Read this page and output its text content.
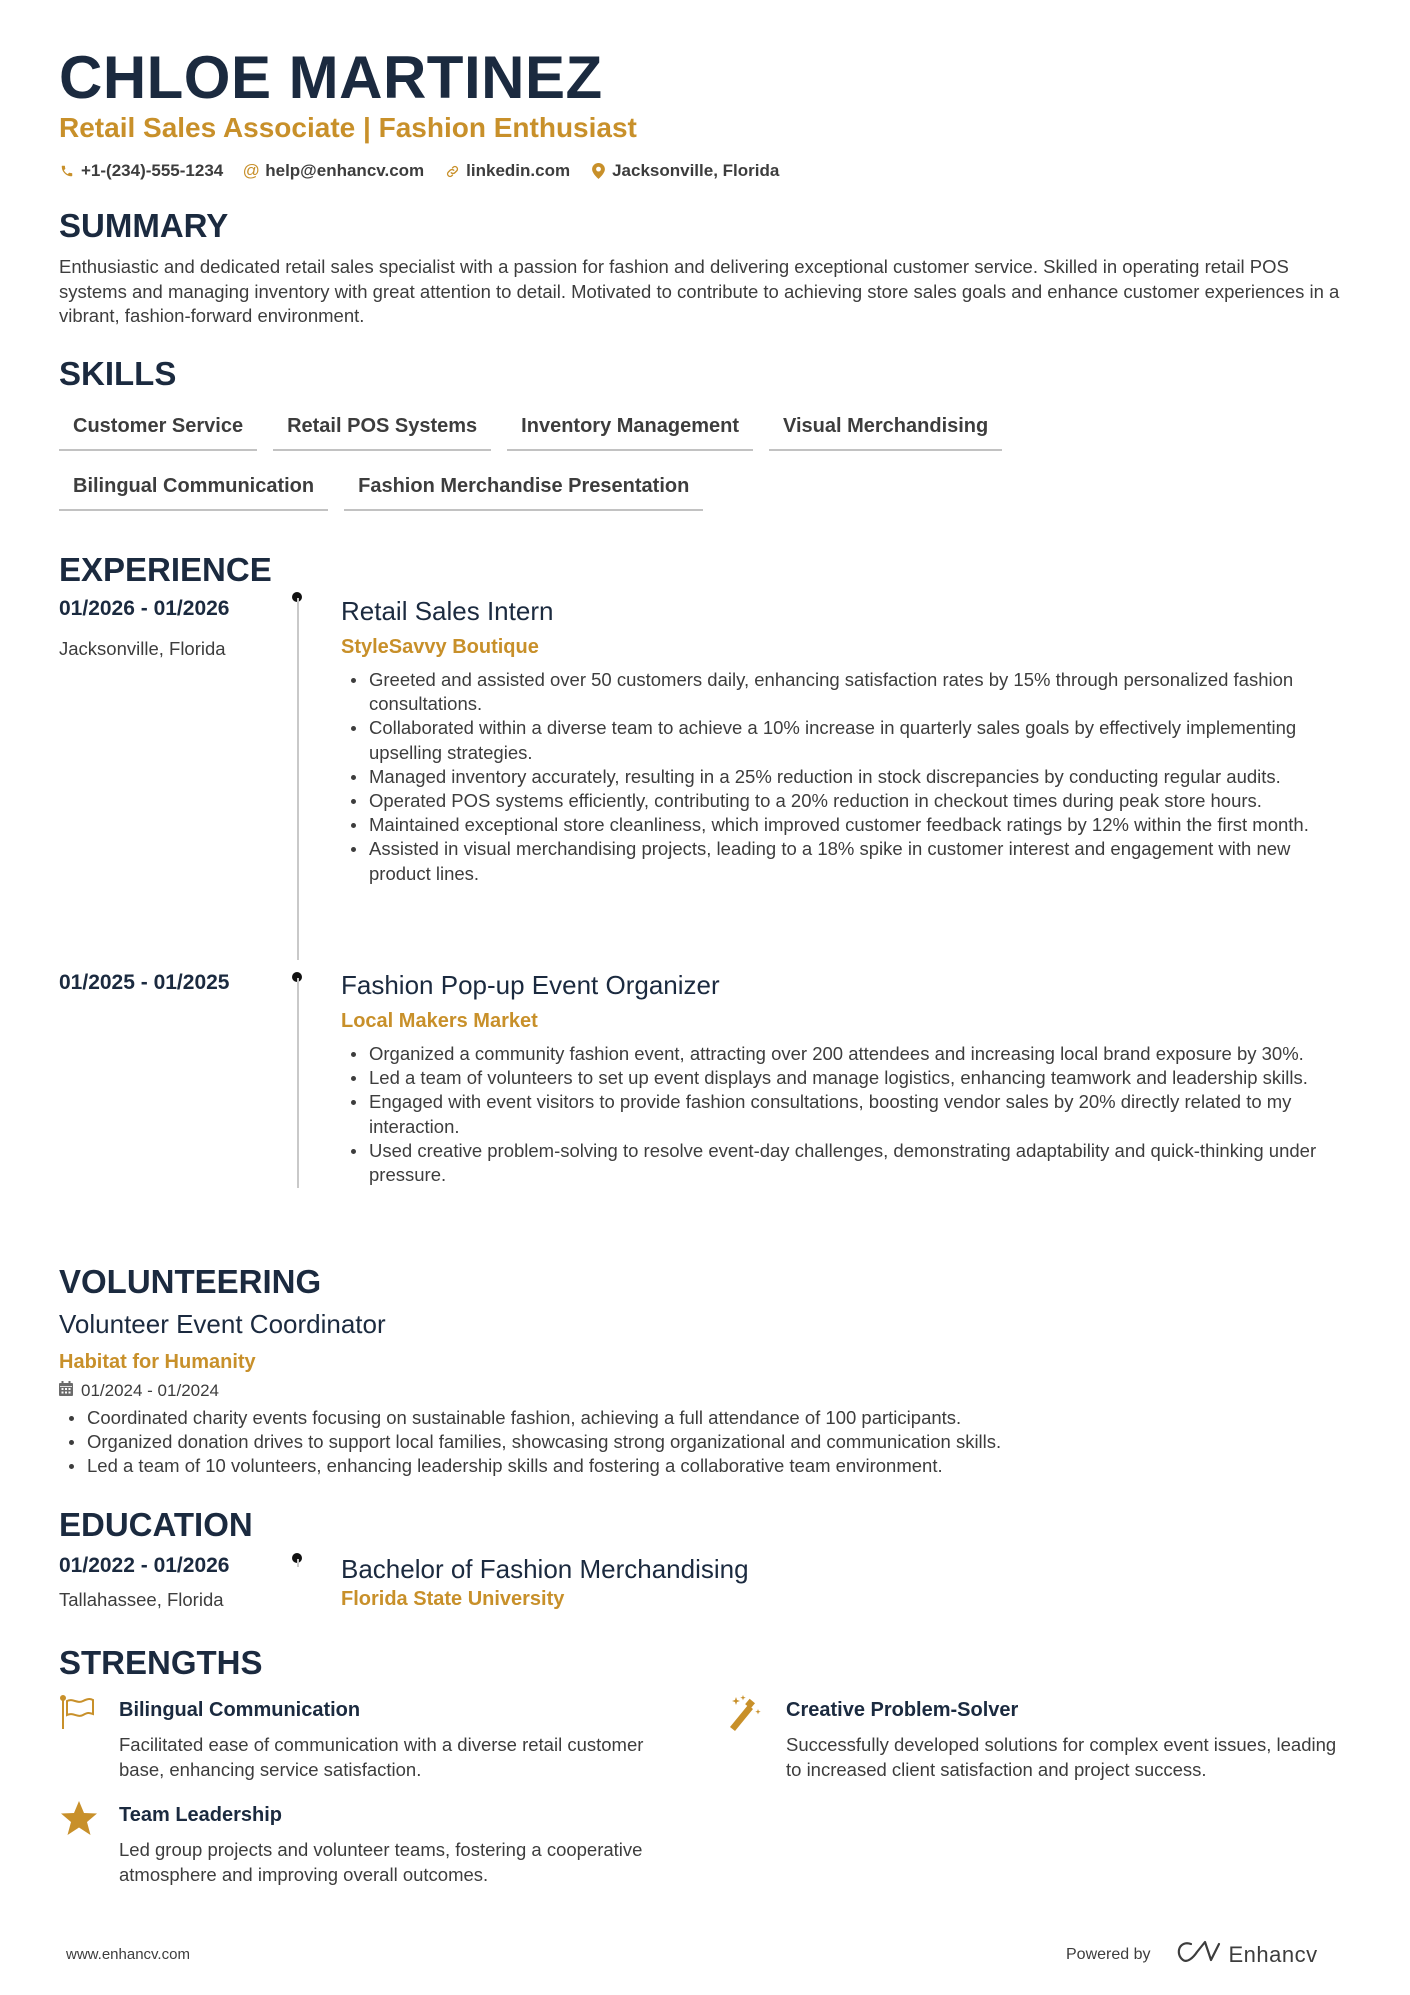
CHLOE MARTINEZ
Retail Sales Associate | Fashion Enthusiast
+1-(234)-555-1234 @ help@enhancv.com linkedin.com Jacksonville, Florida
SUMMARY
Enthusiastic and dedicated retail sales specialist with a passion for fashion and delivering exceptional customer service. Skilled in operating retail POS systems and managing inventory with great attention to detail. Motivated to contribute to achieving store sales goals and enhance customer experiences in a vibrant, fashion-forward environment.
SKILLS
Customer Service	Retail POS Systems	Inventory Management	Visual Merchandising
Bilingual Communication	Fashion Merchandise Presentation
EXPERIENCE
01/2026 - 01/2026
Jacksonville, Florida
Retail Sales Intern
StyleSavvy Boutique
Greeted and assisted over 50 customers daily, enhancing satisfaction rates by 15% through personalized fashion consultations.
Collaborated within a diverse team to achieve a 10% increase in quarterly sales goals by effectively implementing upselling strategies.
Managed inventory accurately, resulting in a 25% reduction in stock discrepancies by conducting regular audits.
Operated POS systems efficiently, contributing to a 20% reduction in checkout times during peak store hours.
Maintained exceptional store cleanliness, which improved customer feedback ratings by 12% within the first month.
Assisted in visual merchandising projects, leading to a 18% spike in customer interest and engagement with new product lines.
01/2025 - 01/2025	Fashion Pop-up Event Organizer
Local Makers Market
Organized a community fashion event, attracting over 200 attendees and increasing local brand exposure by 30%.
Led a team of volunteers to set up event displays and manage logistics, enhancing teamwork and leadership skills.
Engaged with event visitors to provide fashion consultations, boosting vendor sales by 20% directly related to my interaction.
Used creative problem-solving to resolve event-day challenges, demonstrating adaptability and quick-thinking under pressure.
VOLUNTEERING
Volunteer Event Coordinator
Habitat for Humanity
01/2024 - 01/2024
Coordinated charity events focusing on sustainable fashion, achieving a full attendance of 100 participants.
Organized donation drives to support local families, showcasing strong organizational and communication skills.
Led a team of 10 volunteers, enhancing leadership skills and fostering a collaborative team environment.
EDUCATION
01/2022 - 01/2026
Tallahassee, Florida
Bachelor of Fashion Merchandising
Florida State University
STRENGTHS
Bilingual Communication
Facilitated ease of communication with a diverse retail customer base, enhancing service satisfaction.
Creative Problem-Solver
Successfully developed solutions for complex event issues, leading to increased client satisfaction and project success.
Team Leadership
Led group projects and volunteer teams, fostering a cooperative atmosphere and improving overall outcomes.
www.enhancv.com	Powered by	Enhancv
